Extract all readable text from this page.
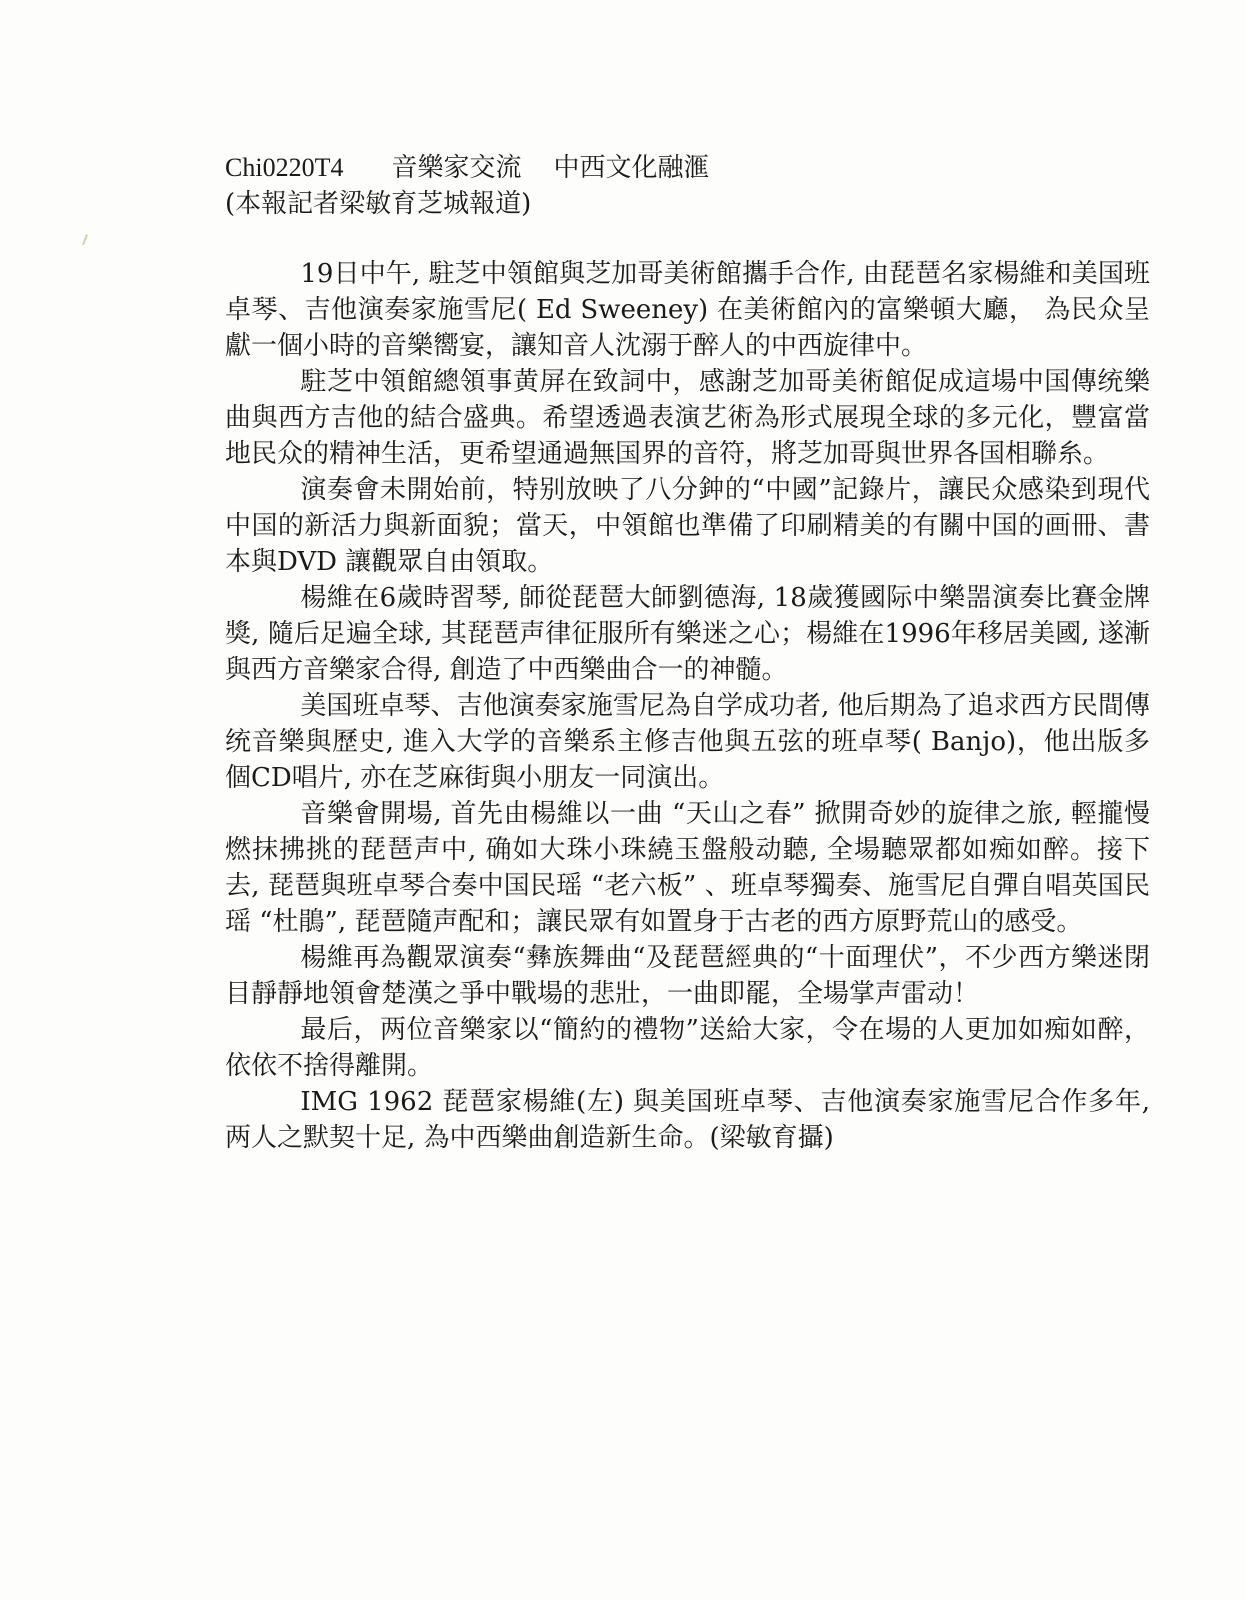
Chi0220T4 音樂家交流 中西文化融滙
(本報記者梁敏育芝城報道)

19日中午, 駐芝中領館與芝加哥美術館攜手合作, 由琵琶名家楊維和美国班卓琴、吉他演奏家施雪尼( Ed Sweeney) 在美術館內的富樂頓大廳， 為民众呈獻一個小時的音樂嚮宴，讓知音人沈溺于醉人的中西旋律中。

駐芝中領館總領事黄屏在致詞中，感謝芝加哥美術館促成這場中国傳统樂曲與西方吉他的結合盛典。希望透過表演艺術為形式展現全球的多元化，豐富當地民众的精神生活，更希望通過無国界的音符，將芝加哥與世界各国相聯糸。

演奏會未開始前，特别放映了八分鈡的“中國”記錄片，讓民众感染到現代中国的新活力與新面貌；當天，中領館也準備了印刷精美的有關中国的画冊、書本與DVD 讓觀眾自由領取。

楊維在6歲時習琴, 師從琵琶大師劉德海, 18歲獲國际中樂噐演奏比賽金牌獎, 隨后足遍全球, 其琵琶声律征服所有樂迷之心；楊維在1996年移居美國, 遂漸與西方音樂家合得, 創造了中西樂曲合一的神髓。

美国班卓琴、吉他演奏家施雪尼為自学成功者, 他后期為了追求西方民間傳统音樂與歷史, 進入大学的音樂系主修吉他與五弦的班卓琴( Banjo)，他出版多個CD唱片, 亦在芝麻街與小朋友一同演出。

音樂會開場, 首先由楊維以一曲 “天山之春” 掀開奇妙的旋律之旅, 輕攏慢燃抹拂挑的琵琶声中, 确如大珠小珠繞玉盤般动聽, 全場聽眾都如痴如醉。接下去, 琵琶與班卓琴合奏中国民瑶 “老六板” 、班卓琴獨奏、施雪尼自彈自唱英国民瑶 “杜鵑”, 琵琶隨声配和；讓民眾有如置身于古老的西方原野荒山的感受。

楊維再為觀眾演奏“彝族舞曲“及琵琶經典的“十面理伏”，不少西方樂迷閉目靜靜地領會楚漢之爭中戰場的悲壯，一曲即罷，全場掌声雷动！

最后，两位音樂家以“簡約的禮物”送給大家，令在場的人更加如痴如醉，依依不捨得離開。

IMG 1962 琵琶家楊維(左) 與美国班卓琴、吉他演奏家施雪尼合作多年, 两人之默契十足, 為中西樂曲創造新生命。(梁敏育攝)
